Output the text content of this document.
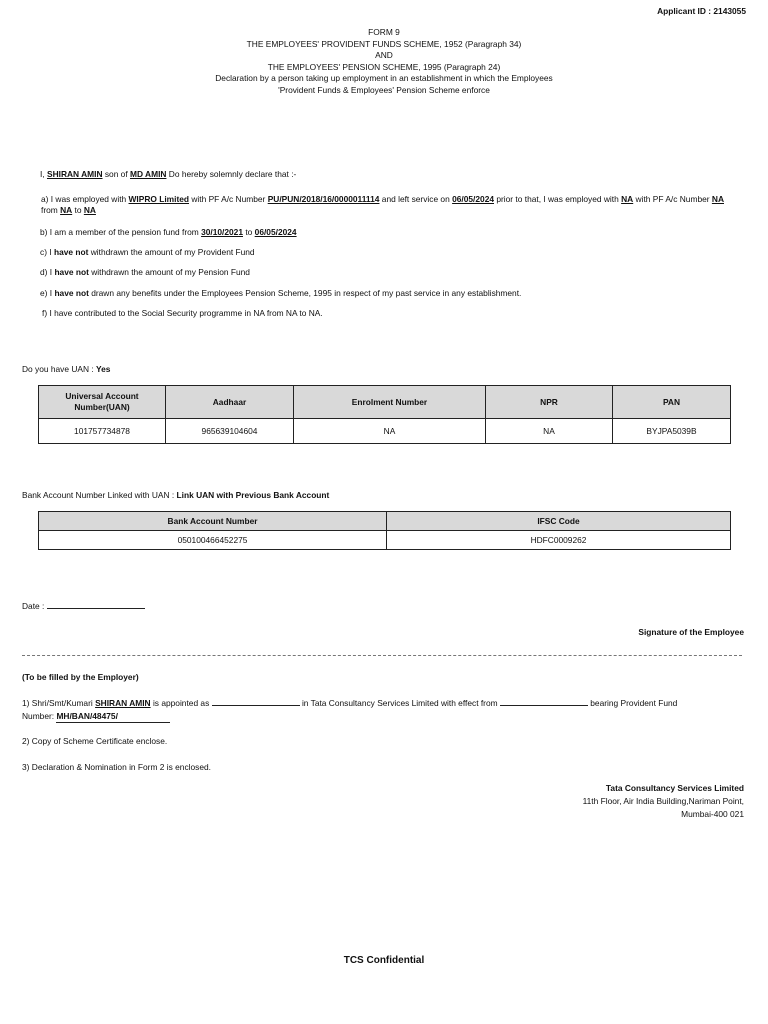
Applicant ID : 2143055
FORM 9
THE EMPLOYEES' PROVIDENT FUNDS SCHEME, 1952 (Paragraph 34)
AND
THE EMPLOYEES' PENSION SCHEME, 1995 (Paragraph 24)
Declaration by a person taking up employment in an establishment in which the Employees
'Provident Funds & Employees' Pension Scheme enforce
I, SHIRAN AMIN son of MD AMIN Do hereby solemnly declare that :-
a) I was employed with WIPRO Limited with PF A/c Number PU/PUN/2018/16/0000011114 and left service on 06/05/2024 prior to that, I was employed with NA with PF A/c Number NA from NA to NA
b) I am a member of the pension fund from 30/10/2021 to 06/05/2024
c) I have not withdrawn the amount of my Provident Fund
d) I have not withdrawn the amount of my Pension Fund
e) I have not drawn any benefits under the Employees Pension Scheme, 1995 in respect of my past service in any establishment.
f) I have contributed to the Social Security programme in NA from NA to NA.
Do you have UAN : Yes
Universal Account Number(UAN)	Aadhaar	Enrolment Number	NPR	PAN
101757734878	965639104604	NA	NA	BYJPA5039B
Bank Account Number Linked with UAN : Link UAN with Previous Bank Account
Bank Account Number	IFSC Code
050100466452275	HDFC0009262
Date :
Signature of the Employee
(To be filled by the Employer)
1) Shri/Smt/Kumari SHIRAN AMIN is appointed as	in Tata Consultancy Services Limited with effect from	bearing Provident Fund
Number: MH/BAN/48475/
2) Copy of Scheme Certificate enclose.
3) Declaration & Nomination in Form 2 is enclosed.
Tata Consultancy Services Limited
11th Floor, Air India Building,Nariman Point,
Mumbai-400 021
TCS Confidential
